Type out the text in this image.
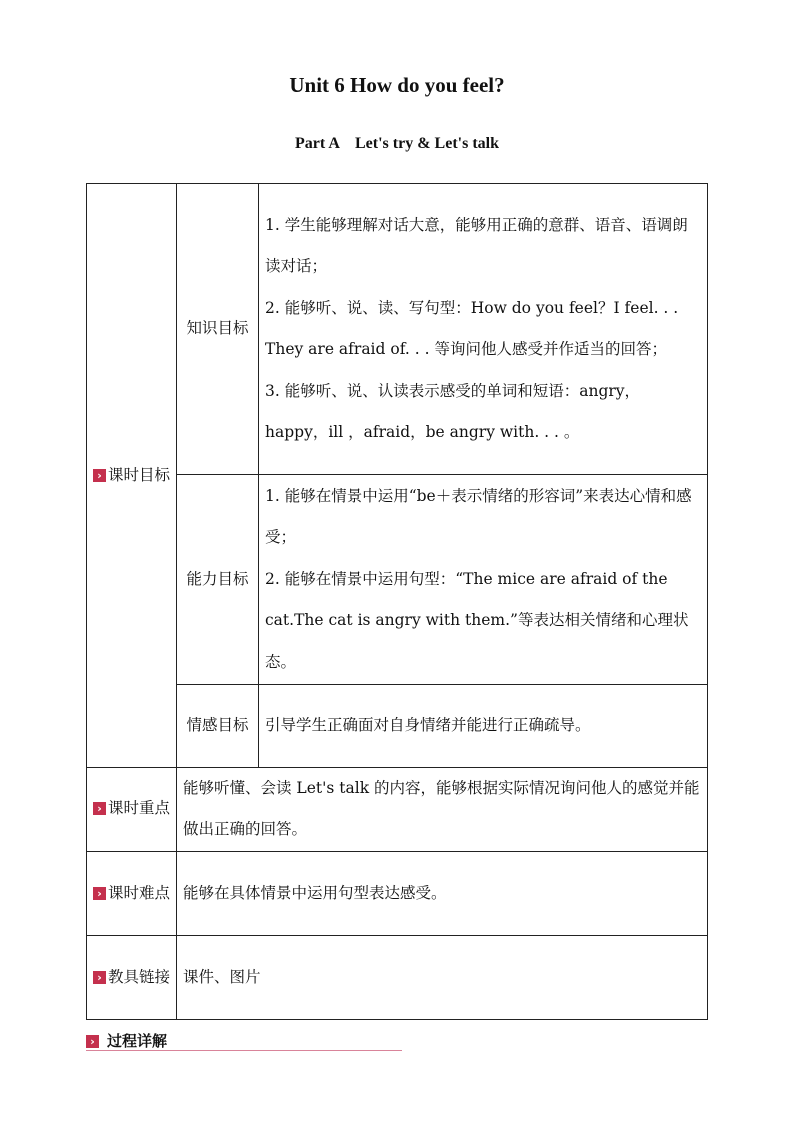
Unit 6 How do you feel?
Part A    Let's try & Let's talk
› 课时目标	知识目标	1. 学生能够理解对话大意，能够用正确的意群、语音、语调朗读对话；
2. 能够听、说、读、写句型：How do you feel？I feel. . . They are afraid of. . . 等询问他人感受并作适当的回答；
3. 能够听、说、认读表示感受的单词和短语：angry，happy，ill ，afraid，be angry with. . . 。

	能力目标	1. 能够在情景中运用“be＋表示情绪的形容词”来表达心情和感受；
2. 能够在情景中运用句型：“The mice are afraid of the cat.The cat is angry with them.”等表达相关情绪和心理状态。

	情感目标	引导学生正确面对自身情绪并能进行正确疏导。
› 课时重点	能够听懂、会读 Let's talk 的内容，能够根据实际情况询问他人的感觉并能做出正确的回答。	
› 课时难点	能够在具体情景中运用句型表达感受。	
› 教具链接	课件、图片	
› 过程详解
